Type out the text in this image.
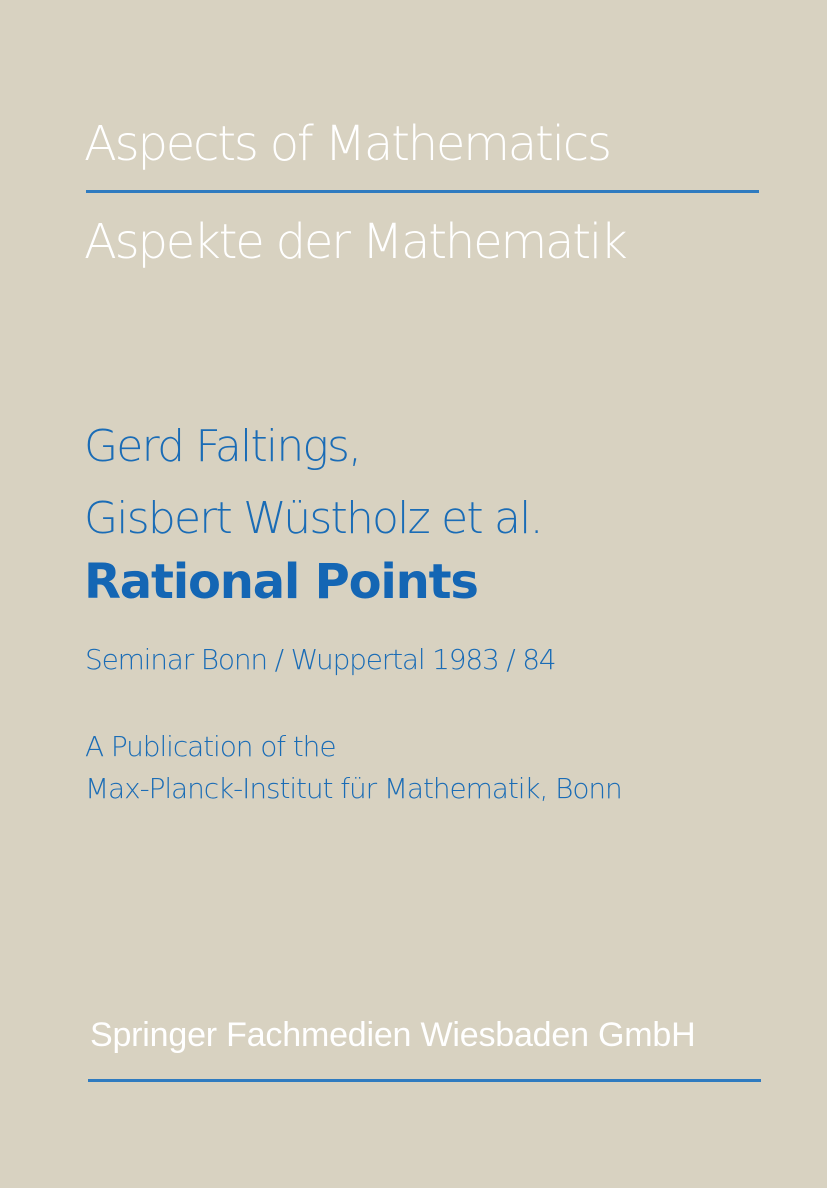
Aspects of Mathematics
Aspekte der Mathematik
Gerd Faltings,
Gisbert Wüstholz et al.
Rational Points
Seminar Bonn / Wuppertal 1983 / 84
A Publication of the
Max-Planck-Institut für Mathematik, Bonn
Springer Fachmedien Wiesbaden GmbH
